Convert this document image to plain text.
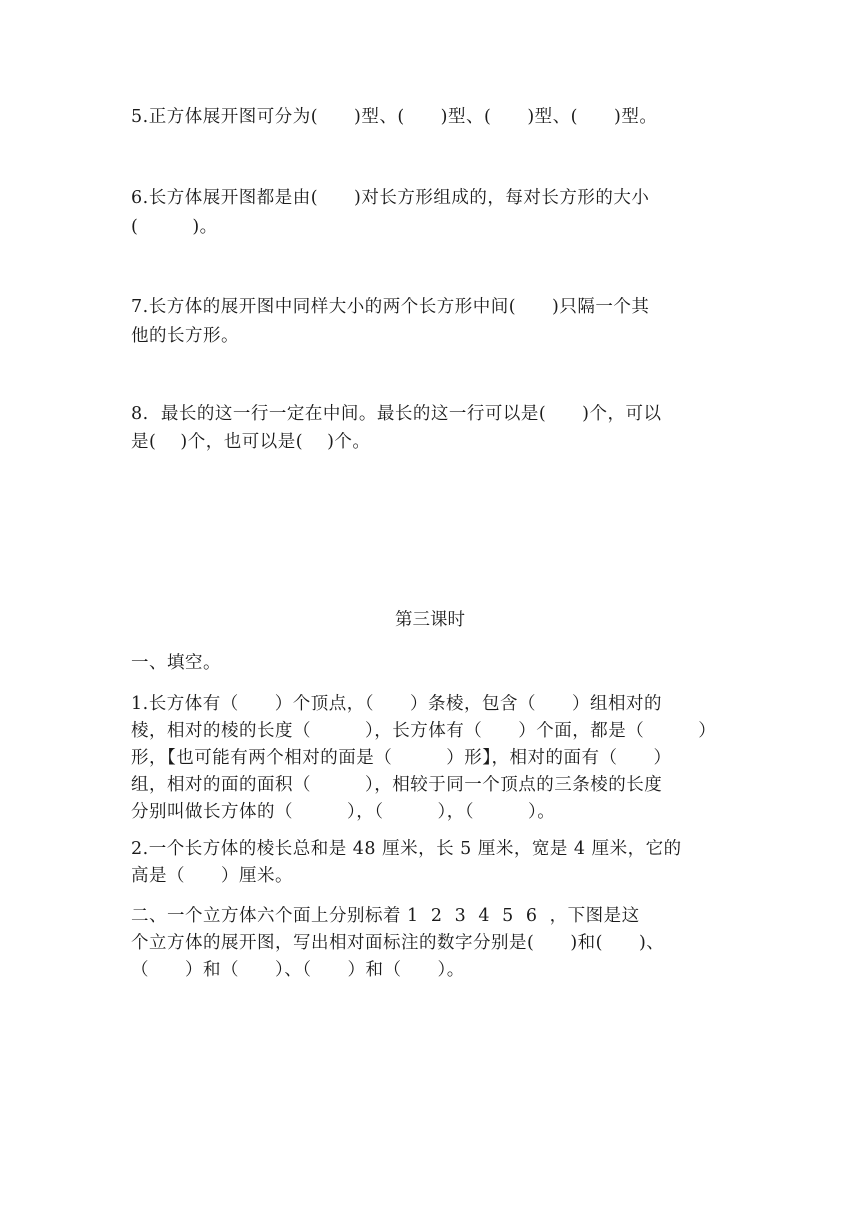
5.正方体展开图可分为(　　)型、(　　)型、(　　)型、(　　)型。
6.长方体展开图都是由(　　)对长方形组成的，每对长方形的大小
(　　　)。
7.长方体的展开图中同样大小的两个长方形中间(　　)只隔一个其
他的长方形。
8.  最长的这一行一定在中间。最长的这一行可以是(　　)个，可以
是(　 )个，也可以是(　 )个。
第三课时
一、填空。
1.长方体有（　　）个顶点，（　　）条棱，包含（　　）组相对的
棱，相对的棱的长度（　　　），长方体有（　　）个面，都是（　　　）
形，【也可能有两个相对的面是（　　　）形】，相对的面有（　　）
组，相对的面的面积（　　　），相较于同一个顶点的三条棱的长度
分别叫做长方体的（　　　），（　　　），（　　　）。
2.一个长方体的棱长总和是 48 厘米，长 5 厘米，宽是 4 厘米，它的
高是（　　）厘米。
二、一个立方体六个面上分别标着 1  2  3  4  5  6  ，下图是这
个立方体的展开图，写出相对面标注的数字分别是(　　)和(　　)、
（　　）和（　　）、（　　）和（　　）。
